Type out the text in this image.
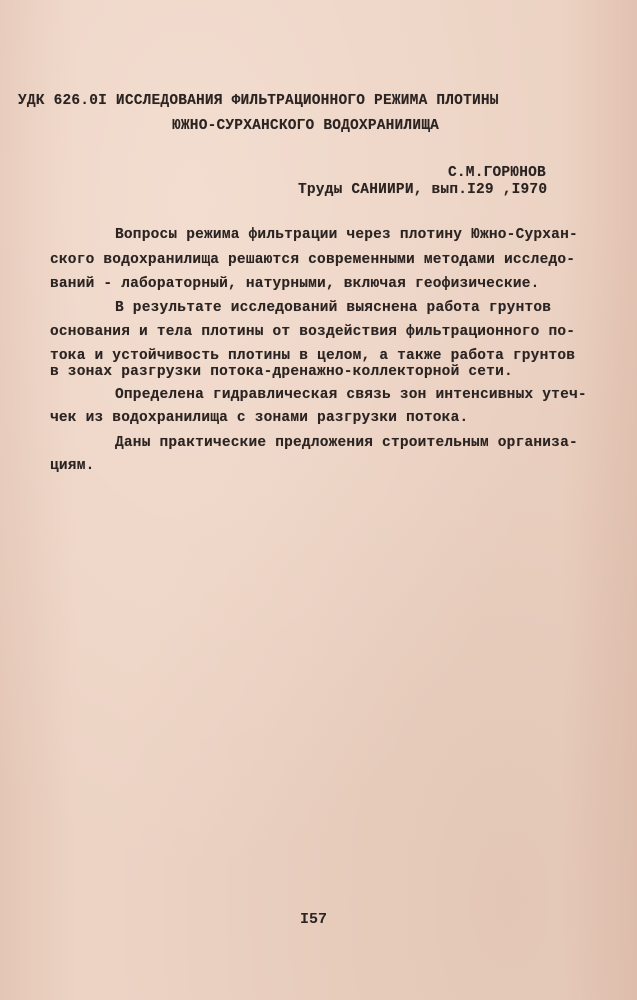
УДК 626.0I ИССЛЕДОВАНИЯ ФИЛЬТРАЦИОННОГО РЕЖИМА ПЛОТИНЫ
ЮЖНО-СУРХАНСКОГО ВОДОХРАНИЛИЩА
С.М.ГОРЮНОВ
Труды САНИИРИ, вып.I29 ,I970
Вопросы режима фильтрации через плотину Южно-Сурхан-
ского водохранилища решаются современными методами исследо-
ваний - лабораторный, натурными, включая геофизические.
В результате исследований выяснена работа грунтов
основания и тела плотины от воздействия фильтрационного по-
тока и устойчивость плотины в целом, а также работа грунтов
в зонах разгрузки потока-дренажно-коллекторной сети.
Определена гидравлическая связь зон интенсивных утеч-
чек из водохранилища с зонами разгрузки потока.
Даны практические предложения строительным организа-
циям.
I57
